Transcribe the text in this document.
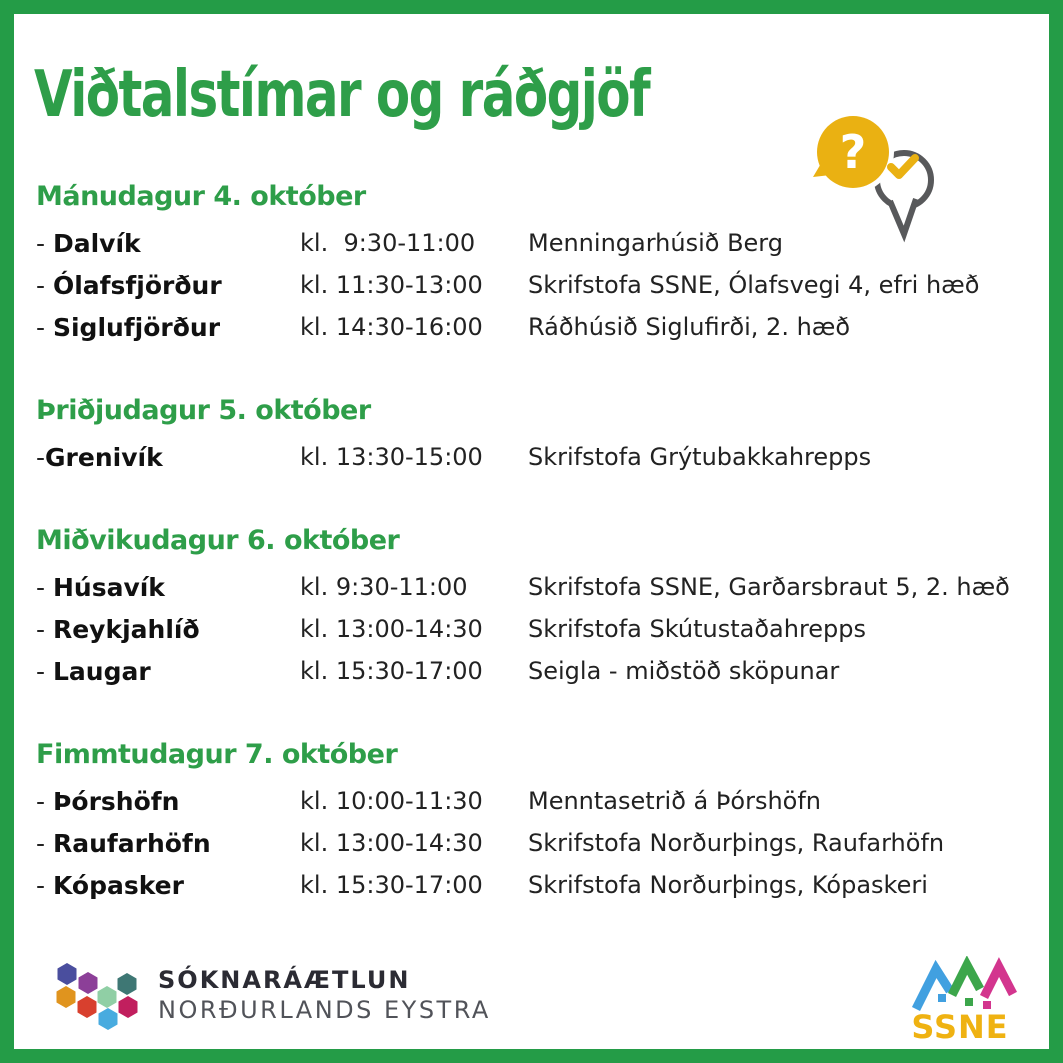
Viðtalstímar og ráðgjöf
?
Mánudagur 4. október
- Dalvík	kl.  9:30-11:00	Menningarhúsið Berg
- Ólafsfjörður	kl. 11:30-13:00	Skrifstofa SSNE, Ólafsvegi 4, efri hæð
- Siglufjörður	kl. 14:30-16:00	Ráðhúsið Siglufirði, 2. hæð
Þriðjudagur 5. október
-Grenivík	kl. 13:30-15:00	Skrifstofa Grýtubakkahrepps
Miðvikudagur 6. október
- Húsavík	kl. 9:30-11:00	Skrifstofa SSNE, Garðarsbraut 5, 2. hæð
- Reykjahlíð	kl. 13:00-14:30	Skrifstofa Skútustaðahrepps
- Laugar	kl. 15:30-17:00	Seigla - miðstöð sköpunar
Fimmtudagur 7. október
- Þórshöfn	kl. 10:00-11:30	Menntasetrið á Þórshöfn
- Raufarhöfn	kl. 13:00-14:30	Skrifstofa Norðurþings, Raufarhöfn
- Kópasker	kl. 15:30-17:00	Skrifstofa Norðurþings, Kópaskeri
SÓKNARÁÆTLUN
NORÐURLANDS EYSTRA	SSNE
